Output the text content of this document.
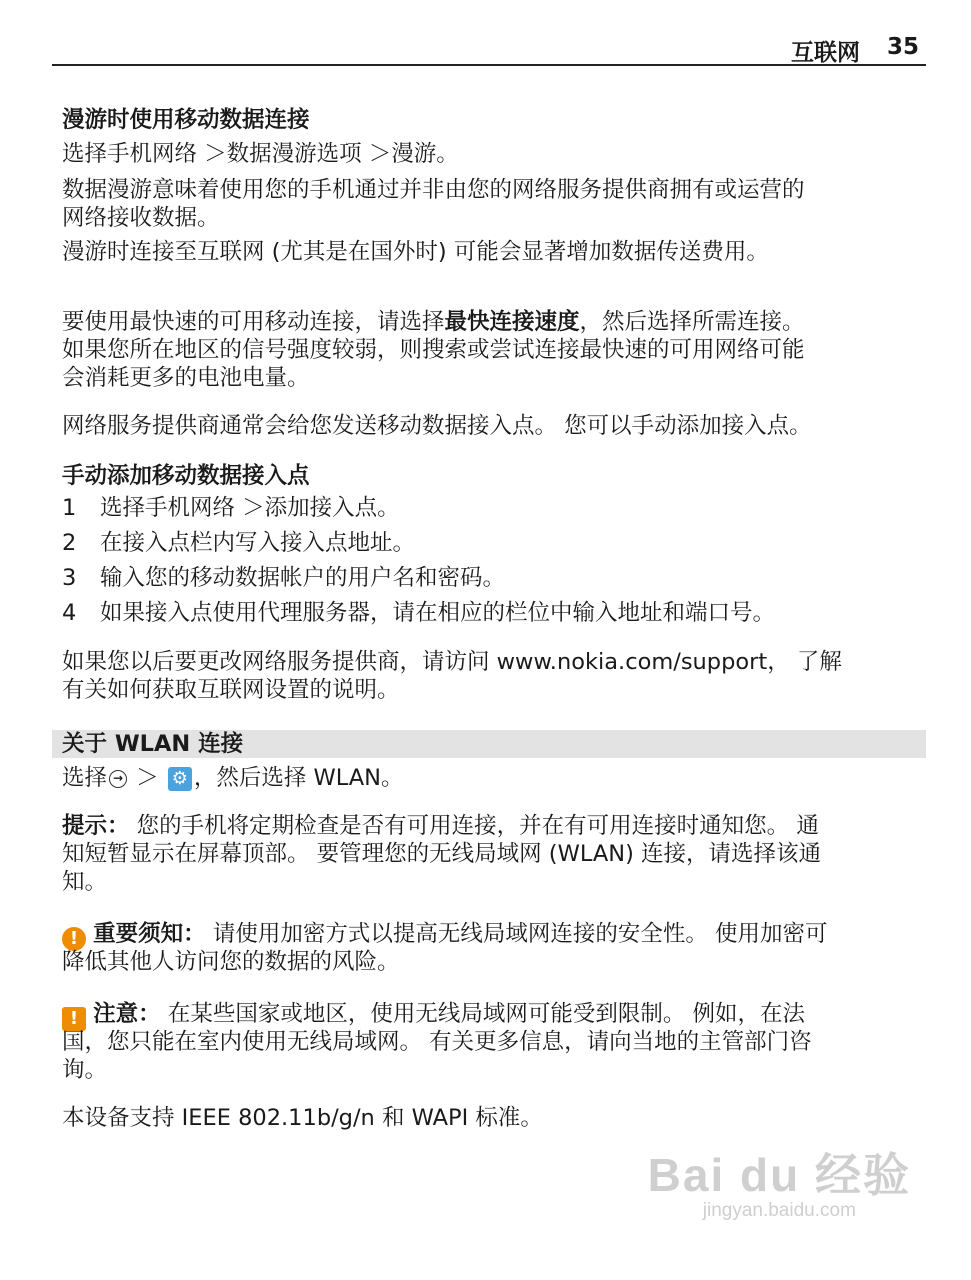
互联网 35
漫游时使用移动数据连接
选择手机网络 ＞数据漫游选项 ＞漫游。
数据漫游意味着使用您的手机通过并非由您的网络服务提供商拥有或运营的
网络接收数据。
漫游时连接至互联网 (尤其是在国外时) 可能会显著增加数据传送费用。
要使用最快速的可用移动连接，请选择最快连接速度，然后选择所需连接。
如果您所在地区的信号强度较弱，则搜索或尝试连接最快速的可用网络可能
会消耗更多的电池电量。
网络服务提供商通常会给您发送移动数据接入点。 您可以手动添加接入点。
手动添加移动数据接入点
1 选择手机网络 ＞添加接入点。
2 在接入点栏内写入接入点地址。
3 输入您的移动数据帐户的用户名和密码。
4 如果接入点使用代理服务器，请在相应的栏位中输入地址和端口号。
如果您以后要更改网络服务提供商，请访问 www.nokia.com/support， 了解
有关如何获取互联网设置的说明。
关于 WLAN 连接
选择 → ＞ ⚙ ，然后选择 WLAN。
提示： 您的手机将定期检查是否有可用连接，并在有可用连接时通知您。 通
知短暂显示在屏幕顶部。 要管理您的无线局域网 (WLAN) 连接，请选择该通
知。
! 重要须知： 请使用加密方式以提高无线局域网连接的安全性。 使用加密可
降低其他人访问您的数据的风险。
! 注意： 在某些国家或地区，使用无线局域网可能受到限制。 例如，在法
国，您只能在室内使用无线局域网。 有关更多信息，请向当地的主管部门咨
询。
本设备支持 IEEE 802.11b/g/n 和 WAPI 标准。
Bai du 经验
jingyan.baidu.com
